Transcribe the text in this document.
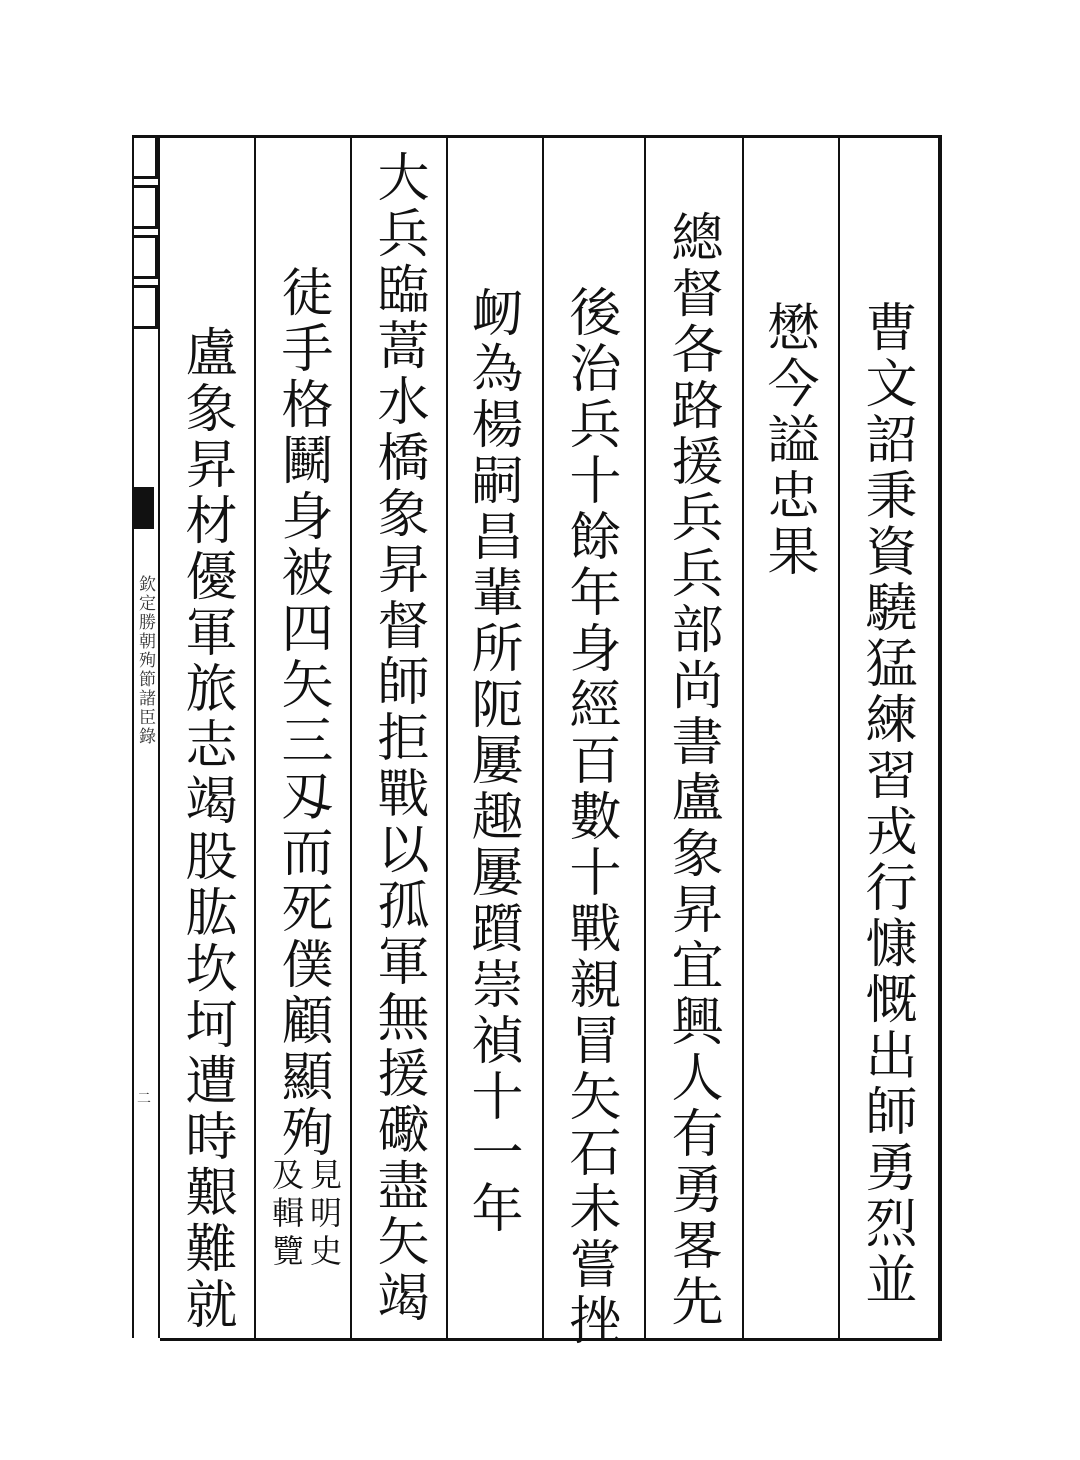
欽定勝朝殉節諸臣錄
二	曹文詔秉資驍猛練習戎行慷慨出師勇烈並
懋今謚忠果
總督各路援兵兵部尚書盧象昇宜興人有勇畧先
後治兵十餘年身經百數十戰親冒矢石未嘗挫
衂為楊嗣昌輩所阨屢趣屢躓崇禎十一年
大兵臨蒿水橋象昇督師拒戰以孤軍無援礮盡矢竭
徒手格鬭身被四矢三刄而死僕顧顯殉
盧象昇材優軍旅志竭股肱坎坷遭時艱難就 見明史
及輯覽
